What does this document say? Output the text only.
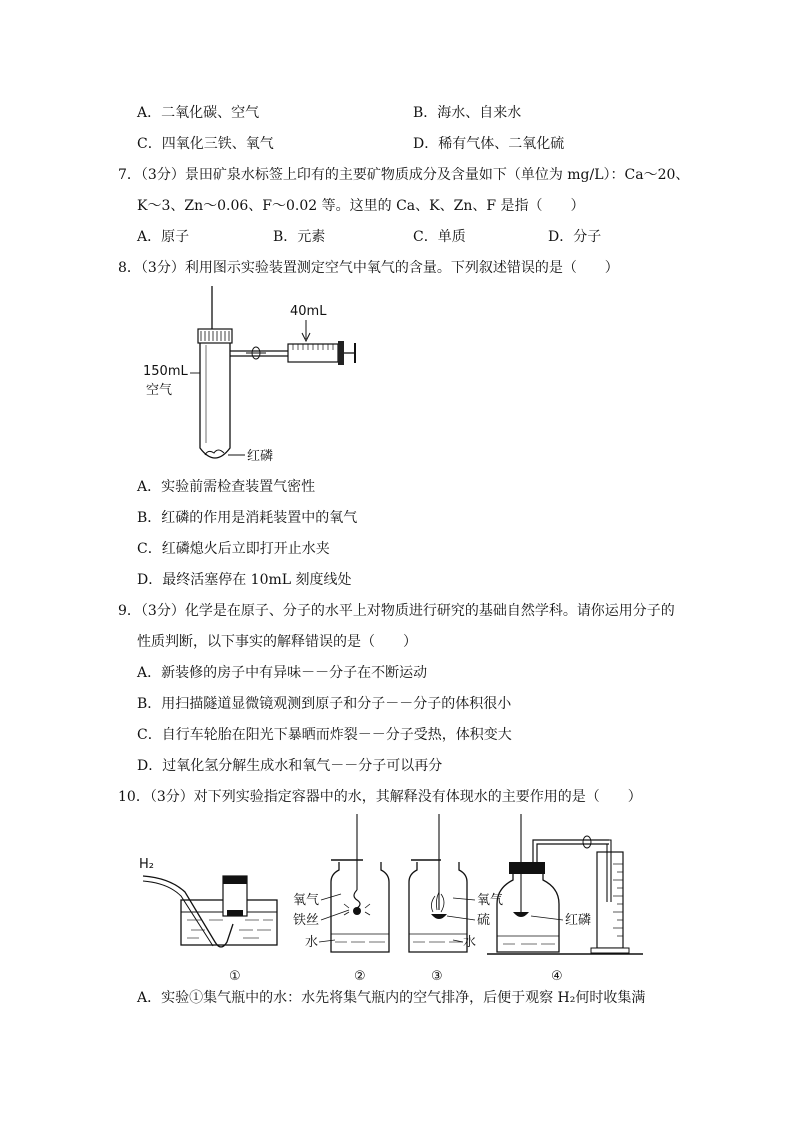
A．二氧化碳、空气	B．海水、自来水
C．四氧化三铁、氧气	D．稀有气体、二氧化硫
7．（3分）景田矿泉水标签上印有的主要矿物质成分及含量如下（单位为 mg/L）：Ca～20、
K～3、Zn～0.06、F～0.02 等。这里的 Ca、K、Zn、F 是指（　　）
A．原子	B．元素	C．单质	D．分子
8．（3分）利用图示实验装置测定空气中氧气的含量。下列叙述错误的是（　　）
红磷
40mL
150mL
空气
A．实验前需检查装置气密性
B．红磷的作用是消耗装置中的氧气
C．红磷熄火后立即打开止水夹
D．最终活塞停在 10mL 刻度线处
9．（3分）化学是在原子、分子的水平上对物质进行研究的基础自然学科。请你运用分子的
性质判断，以下事实的解释错误的是（　　）
A．新装修的房子中有异味－－分子在不断运动
B．用扫描隧道显微镜观测到原子和分子－－分子的体积很小
C．自行车轮胎在阳光下暴晒而炸裂－－分子受热，体积变大
D．过氧化氢分解生成水和氧气－－分子可以再分
10．（3分）对下列实验指定容器中的水，其解释没有体现水的主要作用的是（　　）
H₂
①
氧气
铁丝
水
②
氧气
硫
水
③
红磷
④
A．实验①集气瓶中的水：水先将集气瓶内的空气排净，后便于观察 H₂何时收集满
